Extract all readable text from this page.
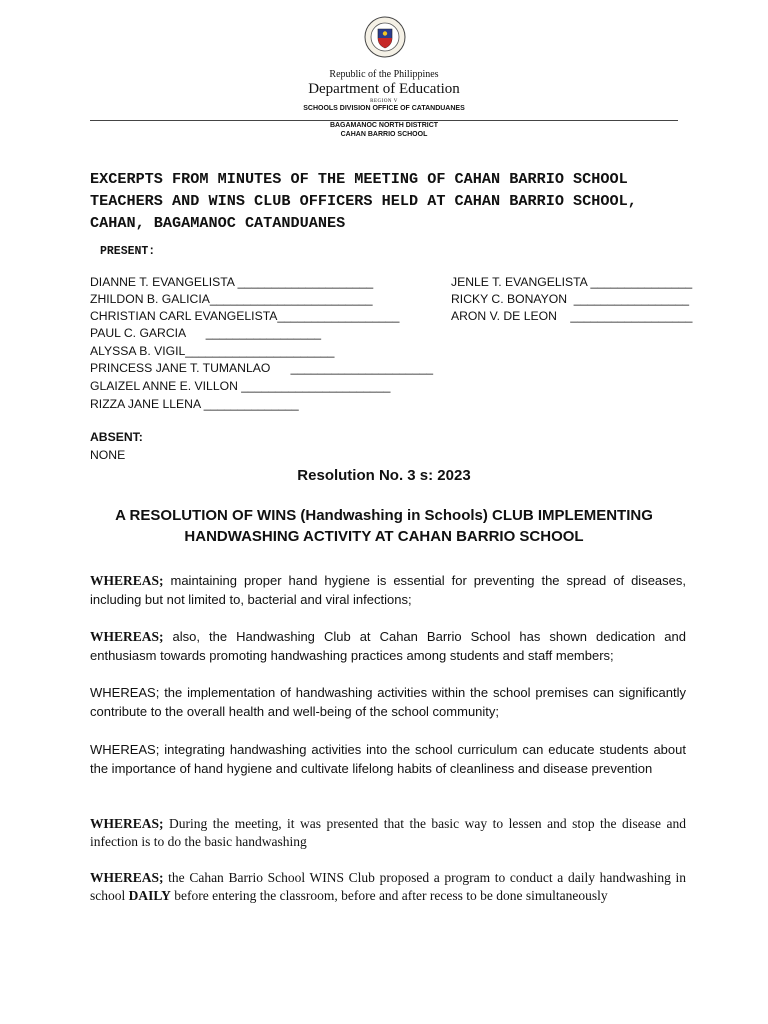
Republic of the Philippines
Department of Education
REGION V
SCHOOLS DIVISION OFFICE OF CATANDUANES
BAGAMANOC NORTH DISTRICT
CAHAN BARRIO SCHOOL
EXCERPTS FROM MINUTES OF THE MEETING OF CAHAN BARRIO SCHOOL TEACHERS AND WINS CLUB OFFICERS HELD AT CAHAN BARRIO SCHOOL, CAHAN, BAGAMANOC CATANDUANES
PRESENT:
DIANNE T. EVANGELISTA ____________________
ZHILDON B. GALICIA________________________
CHRISTIAN CARL EVANGELISTA__________________
PAUL C. GARCIA      _________________
ALYSSA B. VIGIL______________________
PRINCESS JANE T. TUMANLAO      _____________________
GLAIZEL ANNE E. VILLON ______________________
RIZZA JANE LLENA ______________
JENLE T. EVANGELISTA _______________
RICKY C. BONAYON  _________________
ARON V. DE LEON    __________________
ABSENT:
NONE
Resolution No. 3 s: 2023
A RESOLUTION OF WINS (Handwashing in Schools) CLUB IMPLEMENTING HANDWASHING ACTIVITY AT CAHAN BARRIO SCHOOL
WHEREAS; maintaining proper hand hygiene is essential for preventing the spread of diseases, including but not limited to, bacterial and viral infections;
WHEREAS; also, the Handwashing Club at Cahan Barrio School has shown dedication and enthusiasm towards promoting handwashing practices among students and staff members;
WHEREAS; the implementation of handwashing activities within the school premises can significantly contribute to the overall health and well-being of the school community;
WHEREAS; integrating handwashing activities into the school curriculum can educate students about the importance of hand hygiene and cultivate lifelong habits of cleanliness and disease prevention
WHEREAS; During the meeting, it was presented that the basic way to lessen and stop the disease and infection is to do the basic handwashing
WHEREAS; the Cahan Barrio School WINS Club proposed a program to conduct a daily handwashing in school DAILY before entering the classroom, before and after recess to be done simultaneously
